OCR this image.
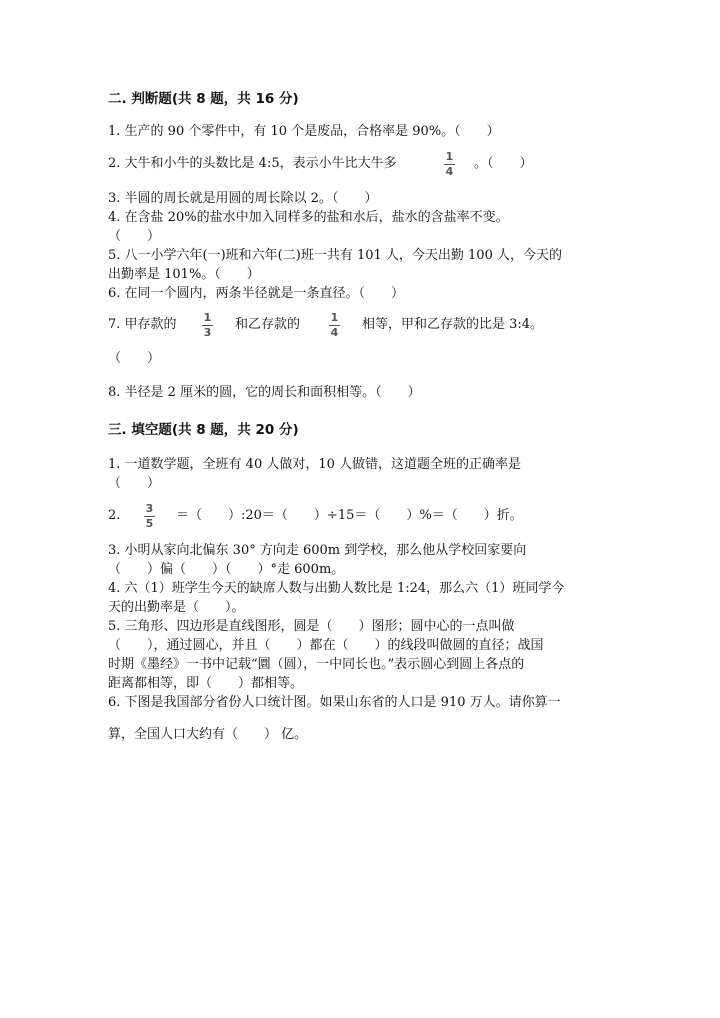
二. 判断题(共 8 题，共 16 分)
1. 生产的 90 个零件中，有 10 个是废品，合格率是 90%。（　　）
2. 大牛和小牛的头数比是 4:5，表示小牛比大牛多	1
4
。（　　）
3. 半圆的周长就是用圆的周长除以 2。（　　）
4. 在含盐 20%的盐水中加入同样多的盐和水后，盐水的含盐率不变。
（　　）
5. 八一小学六年(一)班和六年(二)班一共有 101 人，今天出勤 100 人，今天的
出勤率是 101%。（　　）
6. 在同一个圆内，两条半径就是一条直径。（　　）
7. 甲存款的 1
3
和乙存款的	1
4
相等，甲和乙存款的比是 3:4。
（　　）
8. 半径是 2 厘米的圆，它的周长和面积相等。（　　）
三. 填空题(共 8 题，共 20 分)
1. 一道数学题，全班有 40 人做对，10 人做错，这道题全班的正确率是
（　　）
2. 3
5
＝（　　）:20＝（　　）÷15＝（　　）%＝（　　）折。
3. 小明从家向北偏东 30° 方向走 600m 到学校，那么他从学校回家要向
（　　）偏（　　）（　　）°走 600m。
4. 六（1）班学生今天的缺席人数与出勤人数比是 1:24，那么六（1）班同学今
天的出勤率是（　　）。
5. 三角形、四边形是直线图形，圆是（　　）图形；圆中心的一点叫做
（　　），通过圆心，并且（　　）都在（　　）的线段叫做圆的直径；战国
时期《墨经》一书中记载“圜（圆），一中同长也。”表示圆心到圆上各点的
距离都相等，即（　　）都相等。
6. 下图是我国部分省份人口统计图。如果山东省的人口是 910 万人。请你算一
算，全国人口大约有（　　） 亿。
